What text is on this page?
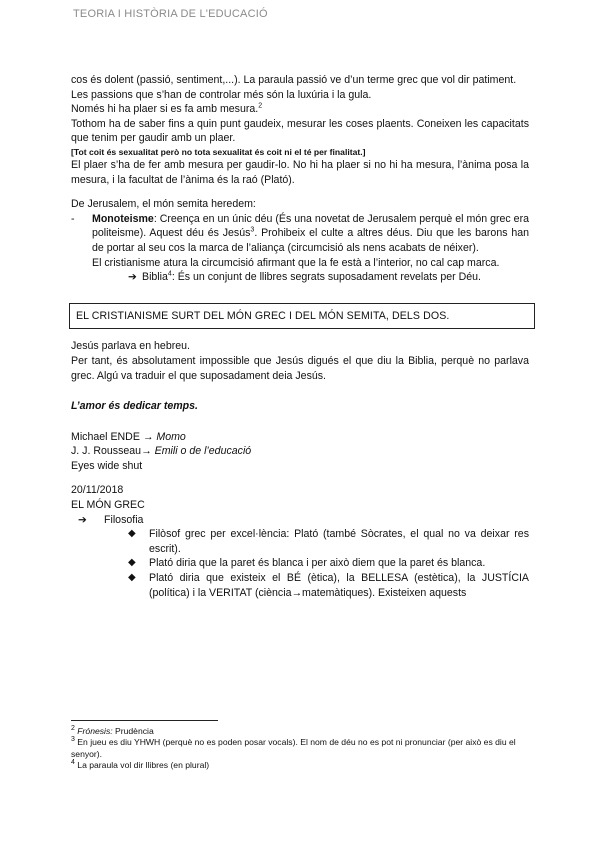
TEORIA I HISTÒRIA DE L'EDUCACIÓ

cos és dolent (passió, sentiment,...). La paraula passió ve d’un terme grec que vol dir patiment.

Les passions que s’han de controlar més són la luxúria i la gula.

Només hi ha plaer si es fa amb mesura.$^2$

Tothom ha de saber fins a quin punt gaudeix, mesurar les coses plaents. Coneixen les capacitats que tenim per gaudir amb un plaer.

[Tot coit és sexualitat però no tota sexualitat és coit ni el té per finalitat.]

El plaer s’ha de fer amb mesura per gaudir-lo. No hi ha plaer si no hi ha mesura, l’ànima posa la mesura, i la facultat de l’ànima és la raó (Plató).

De Jerusalem, el món semita heredem:

- Monoteisme: Creença en un únic déu (És una novetat de Jerusalem perquè el món grec era politeisme). Aquest déu és Jesús$^3$. Prohibeix el culte a altres déus. Diu que les barons han de portar al seu cos la marca de l’aliança (circumcisió als nens acabats de néixer).

El cristianisme atura la circumcisió afirmant que la fe està a l’interior, no cal cap marca.

➔ Biblia$^4$: És un conjunt de llibres segrats suposadament revelats per Déu.

EL CRISTIANISME SURT DEL MÓN GREC I DEL MÓN SEMITA, DELS DOS.

Jesús parlava en hebreu.

Per tant, és absolutament impossible que Jesús digués el que diu la Biblia, perquè no parlava grec. Algú va traduir el que suposadament deia Jesús.

L’amor és dedicar temps.

Michael ENDE → Momo

J. J. Rousseau→ Emili o de l’educació

Eyes wide shut

20/11/2018

EL MÓN GREC

➔	Filosofia

◆ Filòsof grec per excel·lència: Plató (també Sòcrates, el qual no va deixar res escrit).

◆ Plató diria que la paret és blanca i per això diem que la paret és blanca.

◆ Plató diria que existeix el BÉ (ètica), la BELLESA (estètica), la JUSTÍCIA (política) i la VERITAT (ciència→matemàtiques). Existeixen aquests

$^2$ Frónesis: Prudència

$^3$ En jueu es diu YHWH (perquè no es poden posar vocals). El nom de déu no es pot ni pronunciar (per això es diu el senyor).

$^4$ La paraula vol dir llibres (en plural)
